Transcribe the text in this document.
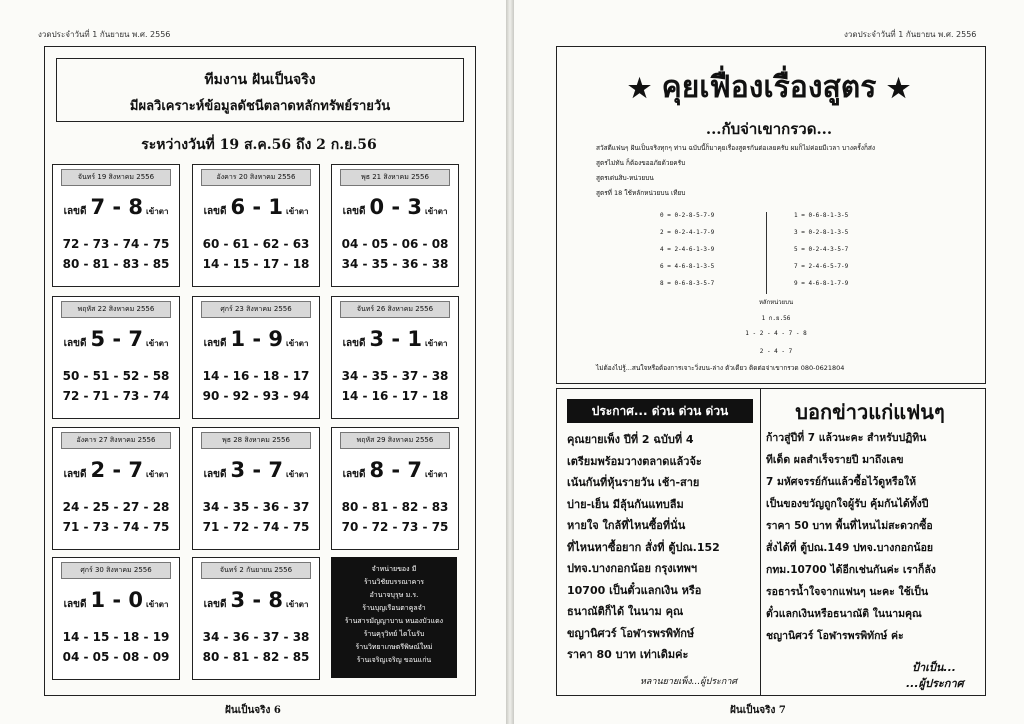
งวดประจำวันที่ 1 กันยายน พ.ศ. 2556
ทีมงาน ฝันเป็นจริง
มีผลวิเคราะห์ข้อมูลดัชนีตลาดหลักทรัพย์รายวัน
ระหว่างวันที่ 19 ส.ค.56 ถึง 2 ก.ย.56
จันทร์ 19 สิงหาคม 2556
เลขดี 7 - 8 เข้าตา
72 - 73 - 74 - 75
80 - 81 - 83 - 85
อังคาร 20 สิงหาคม 2556
เลขดี 6 - 1 เข้าตา
60 - 61 - 62 - 63
14 - 15 - 17 - 18
พุธ 21 สิงหาคม 2556
เลขดี 0 - 3 เข้าตา
04 - 05 - 06 - 08
34 - 35 - 36 - 38
พฤหัส 22 สิงหาคม 2556
เลขดี 5 - 7 เข้าตา
50 - 51 - 52 - 58
72 - 71 - 73 - 74
ศุกร์ 23 สิงหาคม 2556
เลขดี 1 - 9 เข้าตา
14 - 16 - 18 - 17
90 - 92 - 93 - 94
จันทร์ 26 สิงหาคม 2556
เลขดี 3 - 1 เข้าตา
34 - 35 - 37 - 38
14 - 16 - 17 - 18
อังคาร 27 สิงหาคม 2556
เลขดี 2 - 7 เข้าตา
24 - 25 - 27 - 28
71 - 73 - 74 - 75
พุธ 28 สิงหาคม 2556
เลขดี 3 - 7 เข้าตา
34 - 35 - 36 - 37
71 - 72 - 74 - 75
พฤหัส 29 สิงหาคม 2556
เลขดี 8 - 7 เข้าตา
80 - 81 - 82 - 83
70 - 72 - 73 - 75
ศุกร์ 30 สิงหาคม 2556
เลขดี 1 - 0 เข้าตา
14 - 15 - 18 - 19
04 - 05 - 08 - 09
จันทร์ 2 กันยายน 2556
เลขดี 3 - 8 เข้าตา
34 - 36 - 37 - 38
80 - 81 - 82 - 85
จำหน่ายของ มี
ร้านวิชัยบรรณาคาร
อำนาจบุรุษ ม.ร.
ร้านบุญเรือนตาคูลจำ
ร้านสารมัญญาบาน หนองบัวแดง
ร้านคุรุวิทย์ ไดโนรับ
ร้านวิทยาเกษตรีพิษณ์ใหม่
ร้านเจริญเจริญ ขอนแก่น
ฝันเป็นจริง 6
งวดประจำวันที่ 1 กันยายน พ.ศ. 2556
★ คุยเฟื่องเรื่องสูตร ★
...กับจ่าเขากรวด...
สวัสดีแฟนๆ ฝันเป็นจริงทุกๆ ท่าน ฉบับนี้ก็มาคุยเรื่องสูตรกันต่อเลยครับ ผมก็ไม่ค่อยมีเวลา บางครั้งก็ส่ง
สูตรไม่ทัน ก็ต้องขออภัยด้วยครับ
สูตรเด่นสิบ-หน่วยบน
สูตรที่ 18 ใช้หลักหน่วยบน เทียบ
0 = 0-2-8-5-7-9
2 = 0-2-4-1-7-9
4 = 2-4-6-1-3-9
6 = 4-6-8-1-3-5
8 = 0-6-8-3-5-7
1 = 0-6-8-1-3-5
3 = 0-2-8-1-3-5
5 = 0-2-4-3-5-7
7 = 2-4-6-5-7-9
9 = 4-6-8-1-7-9
หลักหน่วยบน
1 ก.ย.56
1 - 2 - 4 - 7 - 8
2 - 4 - 7
ไม่ต้องไปรู้...สนใจหรือต้องการเจาะวิ่งบน-ล่าง ตัวเดียว ติดต่อจ่าเขากรวด 080-0621804
ประกาศ... ด่วน ด่วน ด่วน
คุณยายเพ็ง ปีที่ 2 ฉบับที่ 4
เตรียมพร้อมวางตลาดแล้วจ้ะ
เน้นกันที่หุ้นรายวัน เช้า-สาย
บ่าย-เย็น มีลุ้นกันแทบลืม
หายใจ ใกล้ที่ไหนซื้อที่นั่น
ที่ไหนหาซื้อยาก สั่งที่ ตู้ปณ.152
ปทจ.บางกอกน้อย กรุงเทพฯ
10700 เป็นตั๋วแลกเงิน หรือ
ธนาณัติก็ได้ ในนาม คุณ
ขญานิศวร์ โอฬารพรพิทักษ์
ราคา 80 บาท เท่าเดิมค่ะ
หลานยายเพ็ง...ผู้ประกาศ
บอกข่าวแก่แฟนๆ
ก้าวสู่ปีที่ 7 แล้วนะคะ สำหรับปฏิทิน
ทีเด็ด ผลสำเร็จรายปี มาถึงเลข
7 มหัศจรรย์กันแล้วซื้อไว้ดูหรือให้
เป็นของขวัญถูกใจผู้รับ คุ้มกันได้ทั้งปี
ราคา 50 บาท พื้นที่ไหนไม่สะดวกซื้อ
สั่งได้ที่ ตู้ปณ.149 ปทจ.บางกอกน้อย
กทม.10700 ได้อีกเช่นกันค่ะ เราก็ลัง
รอธารน้ำใจจากแฟนๆ นะคะ ใช้เป็น
ตั๋วแลกเงินหรือธนาณัติ ในนามคุณ
ชญานิศวร์ โอฬารพรพิทักษ์ ค่ะ
ป้าเป็น...
...ผู้ประกาศ
ฝันเป็นจริง 7
